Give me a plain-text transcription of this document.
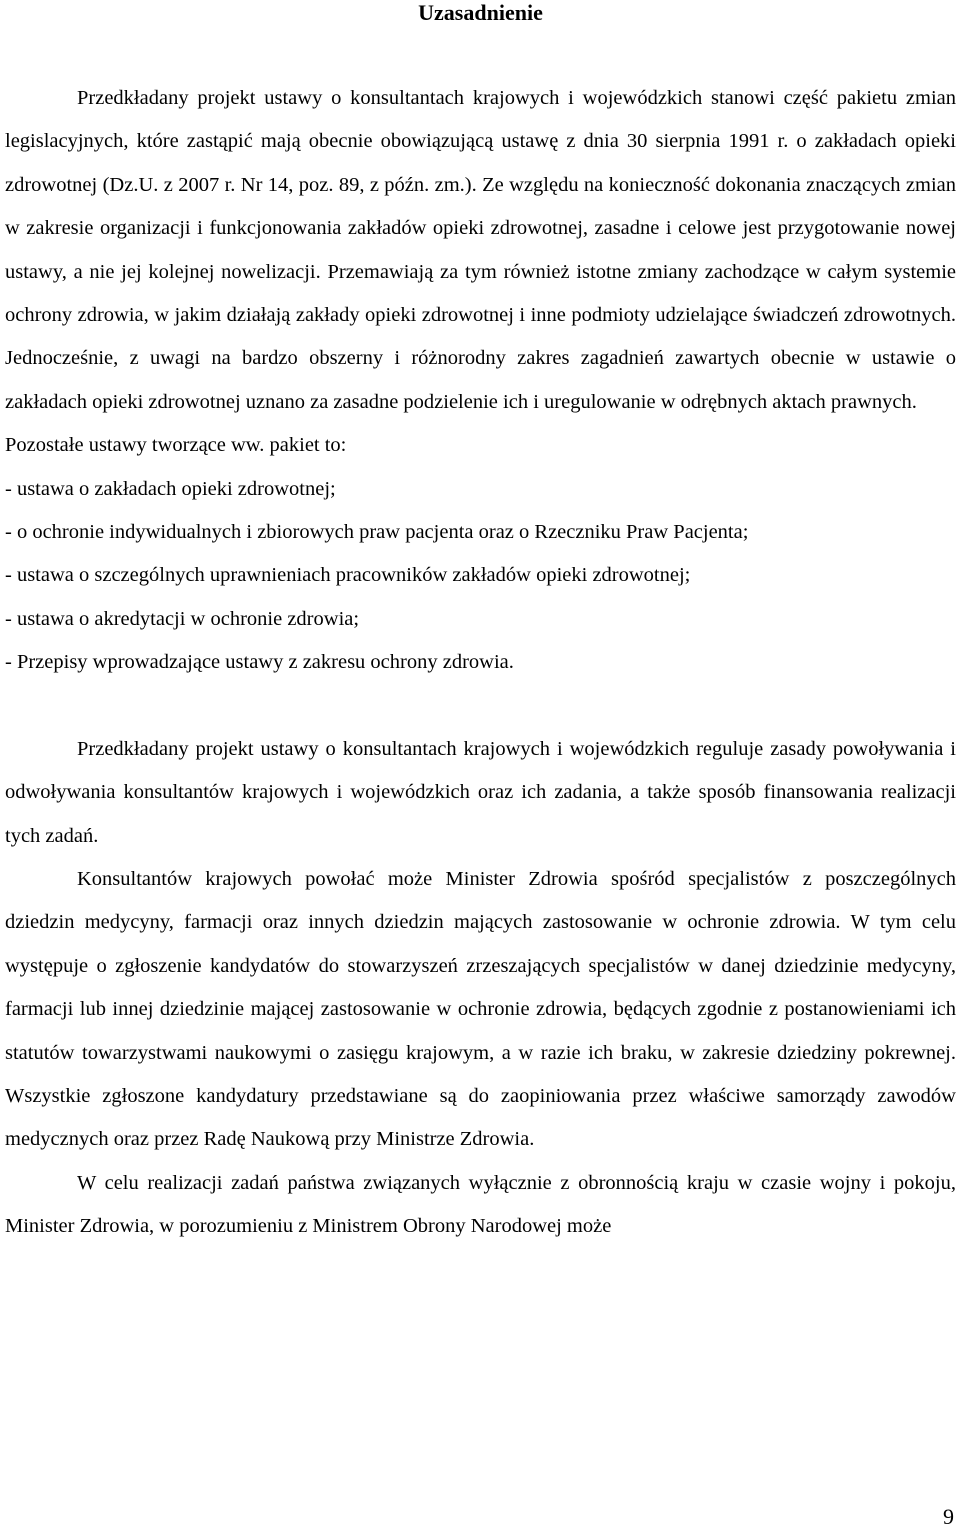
Uzasadnienie

Przedkładany projekt ustawy o konsultantach krajowych i wojewódzkich stanowi część pakietu zmian legislacyjnych, które zastąpić mają obecnie obowiązującą ustawę z dnia 30 sierpnia 1991 r. o zakładach opieki zdrowotnej (Dz.U. z 2007 r. Nr 14, poz. 89, z późn. zm.). Ze względu na konieczność dokonania znaczących zmian w zakresie organizacji i funkcjonowania zakładów opieki zdrowotnej, zasadne i celowe jest przygotowanie nowej ustawy, a nie jej kolejnej nowelizacji. Przemawiają za tym również istotne zmiany zachodzące w całym systemie ochrony zdrowia, w jakim działają zakłady opieki zdrowotnej i inne podmioty udzielające świadczeń zdrowotnych. Jednocześnie, z uwagi na bardzo obszerny i różnorodny zakres zagadnień zawartych obecnie w ustawie o zakładach opieki zdrowotnej uznano za zasadne podzielenie ich i uregulowanie w odrębnych aktach prawnych.

Pozostałe ustawy tworzące ww. pakiet to:

- ustawa o zakładach opieki zdrowotnej;
- o ochronie indywidualnych i zbiorowych praw pacjenta oraz o Rzeczniku Praw Pacjenta;
- ustawa o szczególnych uprawnieniach pracowników zakładów opieki zdrowotnej;
- ustawa o akredytacji w ochronie zdrowia;
- Przepisy wprowadzające ustawy z zakresu ochrony zdrowia.

Przedkładany projekt ustawy o konsultantach krajowych i wojewódzkich reguluje zasady powoływania i odwoływania konsultantów krajowych i wojewódzkich oraz ich zadania, a także sposób finansowania realizacji tych zadań.

Konsultantów krajowych powołać może Minister Zdrowia spośród specjalistów z poszczególnych dziedzin medycyny, farmacji oraz innych dziedzin mających zastosowanie w ochronie zdrowia. W tym celu występuje o zgłoszenie kandydatów do stowarzyszeń zrzeszających specjalistów w danej dziedzinie medycyny, farmacji lub innej dziedzinie mającej zastosowanie w ochronie zdrowia, będących zgodnie z postanowieniami ich statutów towarzystwami naukowymi o zasięgu krajowym, a w razie ich braku, w zakresie dziedziny pokrewnej. Wszystkie zgłoszone kandydatury przedstawiane są do zaopiniowania przez właściwe samorządy zawodów medycznych oraz przez Radę Naukową przy Ministrze Zdrowia.

W celu realizacji zadań państwa związanych wyłącznie z obronnością kraju w czasie wojny i pokoju, Minister Zdrowia, w porozumieniu z Ministrem Obrony Narodowej może

9
